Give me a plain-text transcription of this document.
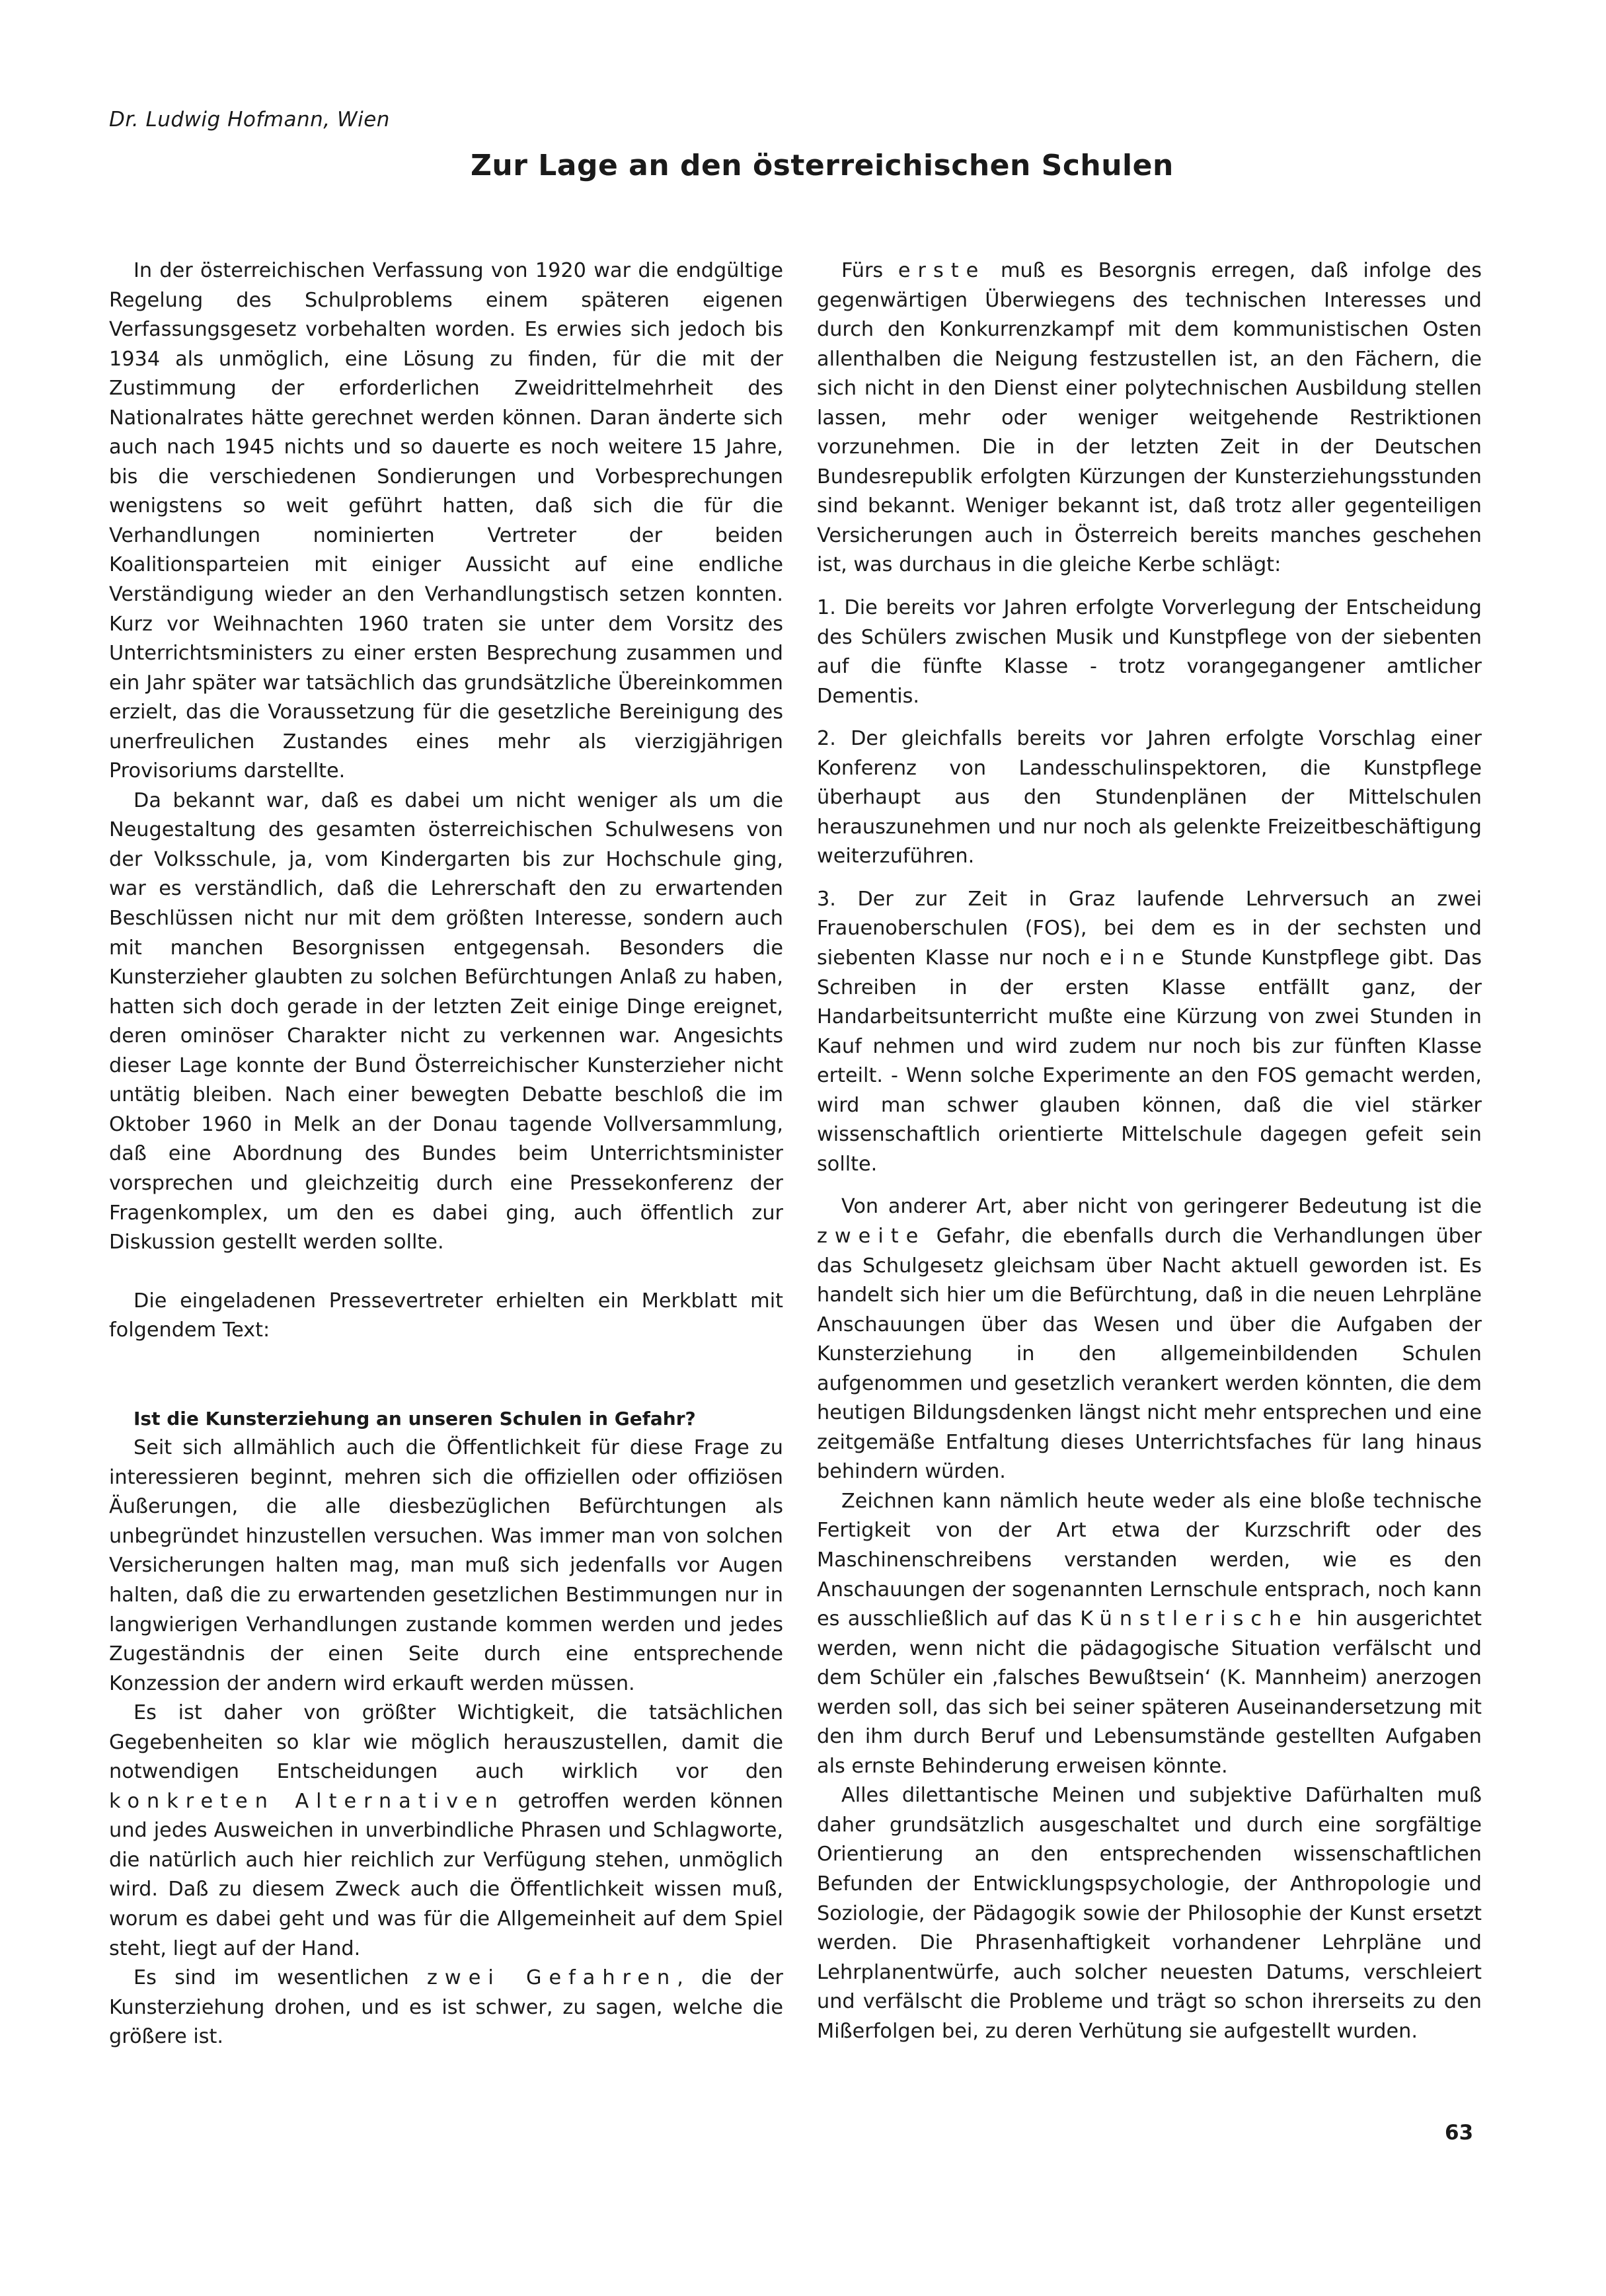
Dr. Ludwig Hofmann, Wien
Zur Lage an den österreichischen Schulen

In der österreichischen Verfassung von 1920 war die endgültige Regelung des Schulproblems einem späteren eigenen Verfassungsgesetz vorbehalten worden. Es erwies sich jedoch bis 1934 als unmöglich, eine Lösung zu finden, für die mit der Zustimmung der erforderlichen Zweidrittelmehrheit des Nationalrates hätte gerechnet werden können. Daran änderte sich auch nach 1945 nichts und so dauerte es noch weitere 15 Jahre, bis die verschiedenen Sondierungen und Vorbesprechungen wenigstens so weit geführt hatten, daß sich die für die Verhandlungen nominierten Vertreter der beiden Koalitionsparteien mit einiger Aussicht auf eine endliche Verständigung wieder an den Verhandlungstisch setzen konnten. Kurz vor Weihnachten 1960 traten sie unter dem Vorsitz des Unterrichtsministers zu einer ersten Besprechung zusammen und ein Jahr später war tatsächlich das grundsätzliche Übereinkommen erzielt, das die Voraussetzung für die gesetzliche Bereinigung des unerfreulichen Zustandes eines mehr als vierzigjährigen Provisoriums darstellte.

Da bekannt war, daß es dabei um nicht weniger als um die Neugestaltung des gesamten österreichischen Schulwesens von der Volksschule, ja, vom Kindergarten bis zur Hochschule ging, war es verständlich, daß die Lehrerschaft den zu erwartenden Beschlüssen nicht nur mit dem größten Interesse, sondern auch mit manchen Besorgnissen entgegensah. Besonders die Kunsterzieher glaubten zu solchen Befürchtungen Anlaß zu haben, hatten sich doch gerade in der letzten Zeit einige Dinge ereignet, deren ominöser Charakter nicht zu verkennen war. Angesichts dieser Lage konnte der Bund Österreichischer Kunsterzieher nicht untätig bleiben. Nach einer bewegten Debatte beschloß die im Oktober 1960 in Melk an der Donau tagende Vollversammlung, daß eine Abordnung des Bundes beim Unterrichtsminister vorsprechen und gleichzeitig durch eine Pressekonferenz der Fragenkomplex, um den es dabei ging, auch öffentlich zur Diskussion gestellt werden sollte.

Die eingeladenen Pressevertreter erhielten ein Merkblatt mit folgendem Text:

Ist die Kunsterziehung an unseren Schulen in Gefahr?

Seit sich allmählich auch die Öffentlichkeit für diese Frage zu interessieren beginnt, mehren sich die offiziellen oder offiziösen Äußerungen, die alle diesbezüglichen Befürchtungen als unbegründet hinzustellen versuchen. Was immer man von solchen Versicherungen halten mag, man muß sich jedenfalls vor Augen halten, daß die zu erwartenden gesetzlichen Bestimmungen nur in langwierigen Verhandlungen zustande kommen werden und jedes Zugeständnis der einen Seite durch eine entsprechende Konzession der andern wird erkauft werden müssen.

Es ist daher von größter Wichtigkeit, die tatsächlichen Gegebenheiten so klar wie möglich herauszustellen, damit die notwendigen Entscheidungen auch wirklich vor den konkreten Alternativen getroffen werden können und jedes Ausweichen in unverbindliche Phrasen und Schlagworte, die natürlich auch hier reichlich zur Verfügung stehen, unmöglich wird. Daß zu diesem Zweck auch die Öffentlichkeit wissen muß, worum es dabei geht und was für die Allgemeinheit auf dem Spiel steht, liegt auf der Hand.

Es sind im wesentlichen zwei Gefahren, die der Kunsterziehung drohen, und es ist schwer, zu sagen, welche die größere ist.

Fürs erste muß es Besorgnis erregen, daß infolge des gegenwärtigen Überwiegens des technischen Interesses und durch den Konkurrenzkampf mit dem kommunistischen Osten allenthalben die Neigung festzustellen ist, an den Fächern, die sich nicht in den Dienst einer polytechnischen Ausbildung stellen lassen, mehr oder weniger weitgehende Restriktionen vorzunehmen. Die in der letzten Zeit in der Deutschen Bundesrepublik erfolgten Kürzungen der Kunsterziehungsstunden sind bekannt. Weniger bekannt ist, daß trotz aller gegenteiligen Versicherungen auch in Österreich bereits manches geschehen ist, was durchaus in die gleiche Kerbe schlägt:

1. Die bereits vor Jahren erfolgte Vorverlegung der Entscheidung des Schülers zwischen Musik und Kunstpflege von der siebenten auf die fünfte Klasse - trotz vorangegangener amtlicher Dementis.

2. Der gleichfalls bereits vor Jahren erfolgte Vorschlag einer Konferenz von Landesschulinspektoren, die Kunstpflege überhaupt aus den Stundenplänen der Mittelschulen herauszunehmen und nur noch als gelenkte Freizeitbeschäftigung weiterzuführen.

3. Der zur Zeit in Graz laufende Lehrversuch an zwei Frauenoberschulen (FOS), bei dem es in der sechsten und siebenten Klasse nur noch eine Stunde Kunstpflege gibt. Das Schreiben in der ersten Klasse entfällt ganz, der Handarbeitsunterricht mußte eine Kürzung von zwei Stunden in Kauf nehmen und wird zudem nur noch bis zur fünften Klasse erteilt. - Wenn solche Experimente an den FOS gemacht werden, wird man schwer glauben können, daß die viel stärker wissenschaftlich orientierte Mittelschule dagegen gefeit sein sollte.

Von anderer Art, aber nicht von geringerer Bedeutung ist die zweite Gefahr, die ebenfalls durch die Verhandlungen über das Schulgesetz gleichsam über Nacht aktuell geworden ist. Es handelt sich hier um die Befürchtung, daß in die neuen Lehrpläne Anschauungen über das Wesen und über die Aufgaben der Kunsterziehung in den allgemeinbildenden Schulen aufgenommen und gesetzlich verankert werden könnten, die dem heutigen Bildungsdenken längst nicht mehr entsprechen und eine zeitgemäße Entfaltung dieses Unterrichtsfaches für lang hinaus behindern würden.

Zeichnen kann nämlich heute weder als eine bloße technische Fertigkeit von der Art etwa der Kurzschrift oder des Maschinenschreibens verstanden werden, wie es den Anschauungen der sogenannten Lernschule entsprach, noch kann es ausschließlich auf das Künstlerische hin ausgerichtet werden, wenn nicht die pädagogische Situation verfälscht und dem Schüler ein ‚falsches Bewußtsein‘ (K. Mannheim) anerzogen werden soll, das sich bei seiner späteren Auseinandersetzung mit den ihm durch Beruf und Lebensumstände gestellten Aufgaben als ernste Behinderung erweisen könnte.

Alles dilettantische Meinen und subjektive Dafürhalten muß daher grundsätzlich ausgeschaltet und durch eine sorgfältige Orientierung an den entsprechenden wissenschaftlichen Befunden der Entwicklungspsychologie, der Anthropologie und Soziologie, der Pädagogik sowie der Philosophie der Kunst ersetzt werden. Die Phrasenhaftigkeit vorhandener Lehrpläne und Lehrplanentwürfe, auch solcher neuesten Datums, verschleiert und verfälscht die Probleme und trägt so schon ihrerseits zu den Mißerfolgen bei, zu deren Verhütung sie aufgestellt wurden.

63
